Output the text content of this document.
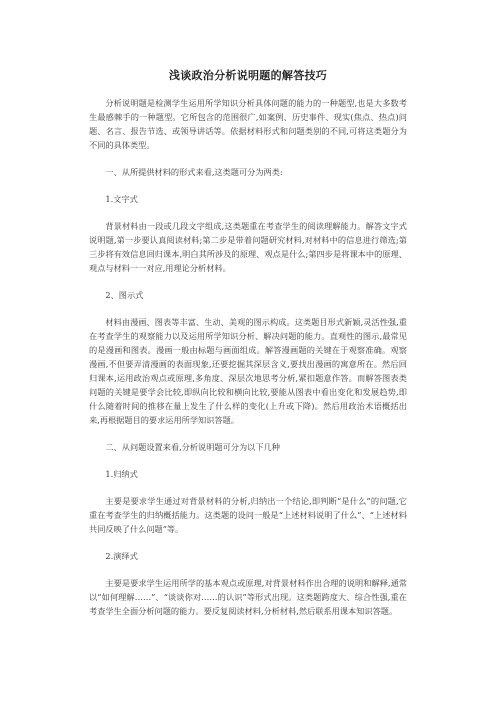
浅谈政治分析说明题的解答技巧

分析说明题是检测学生运用所学知识分析具体问题的能力的一种题型,也是大多数考生最感棘手的一种题型。它所包含的范围很广,如案例、历史事件、现实(焦点、热点)问题、名言、报告节选、或领导讲话等。依据材料形式和问题类别的不同,可将这类题分为不同的具体类型。

一、从所提供材料的形式来看,这类题可分为两类:

1.文字式

背景材料由一段或几段文字组成,这类题重在考查学生的阅读理解能力。解答文字式说明题,第一步要认真阅读材料;第二步是带着问题研究材料,对材料中的信息进行筛选;第三步将有效信息回归课本,明白其所涉及的原理、观点是什么;第四步是将课本中的原理、观点与材料一一对应,用理论分析材料。

2、图示式

材料由漫画、图表等丰富、生动、美观的图示构成。这类题目形式新颖,灵活性强,重在考查学生的观察能力以及运用所学知识分析、解决问题的能力。直观性的图示,最常见的是漫画和图表。漫画一般由标题与画面组成。解答漫画题的关键在于观察准确。观察漫画,不但要弄清漫画的表面现象,还要挖掘其深层含义,要找出漫画的寓意所在。然后回归课本,运用政治观点或原理,多角度、深层次地思考分析,紧扣题意作答。而解答图表类问题的关键是要学会比较,即纵向比较和横向比较,要能从图表中看出变化和发展趋势,即什么随着时间的推移在量上发生了什么样的变化(上升或下降)。然后用政治术语概括出来,再根据题目的要求运用所学知识答题。

二、从问题设置来看,分析说明题可分为以下几种

1.归纳式

主要是要求学生通过对背景材料的分析,归纳出一个结论,即判断“是什么”的问题,它重在考查学生的归纳概括能力。这类题的设问一般是“上述材料说明了什么”、“上述材料共同反映了什么问题”等。

2.演绎式

主要是要求学生运用所学的基本观点或原理,对背景材料作出合理的说明和解释,通常以“如何理解……”、“谈谈你对……的认识”等形式出现。这类题跨度大、综合性强,重在考查学生全面分析问题的能力。要反复阅读材料,分析材料,然后联系用课本知识答题。
